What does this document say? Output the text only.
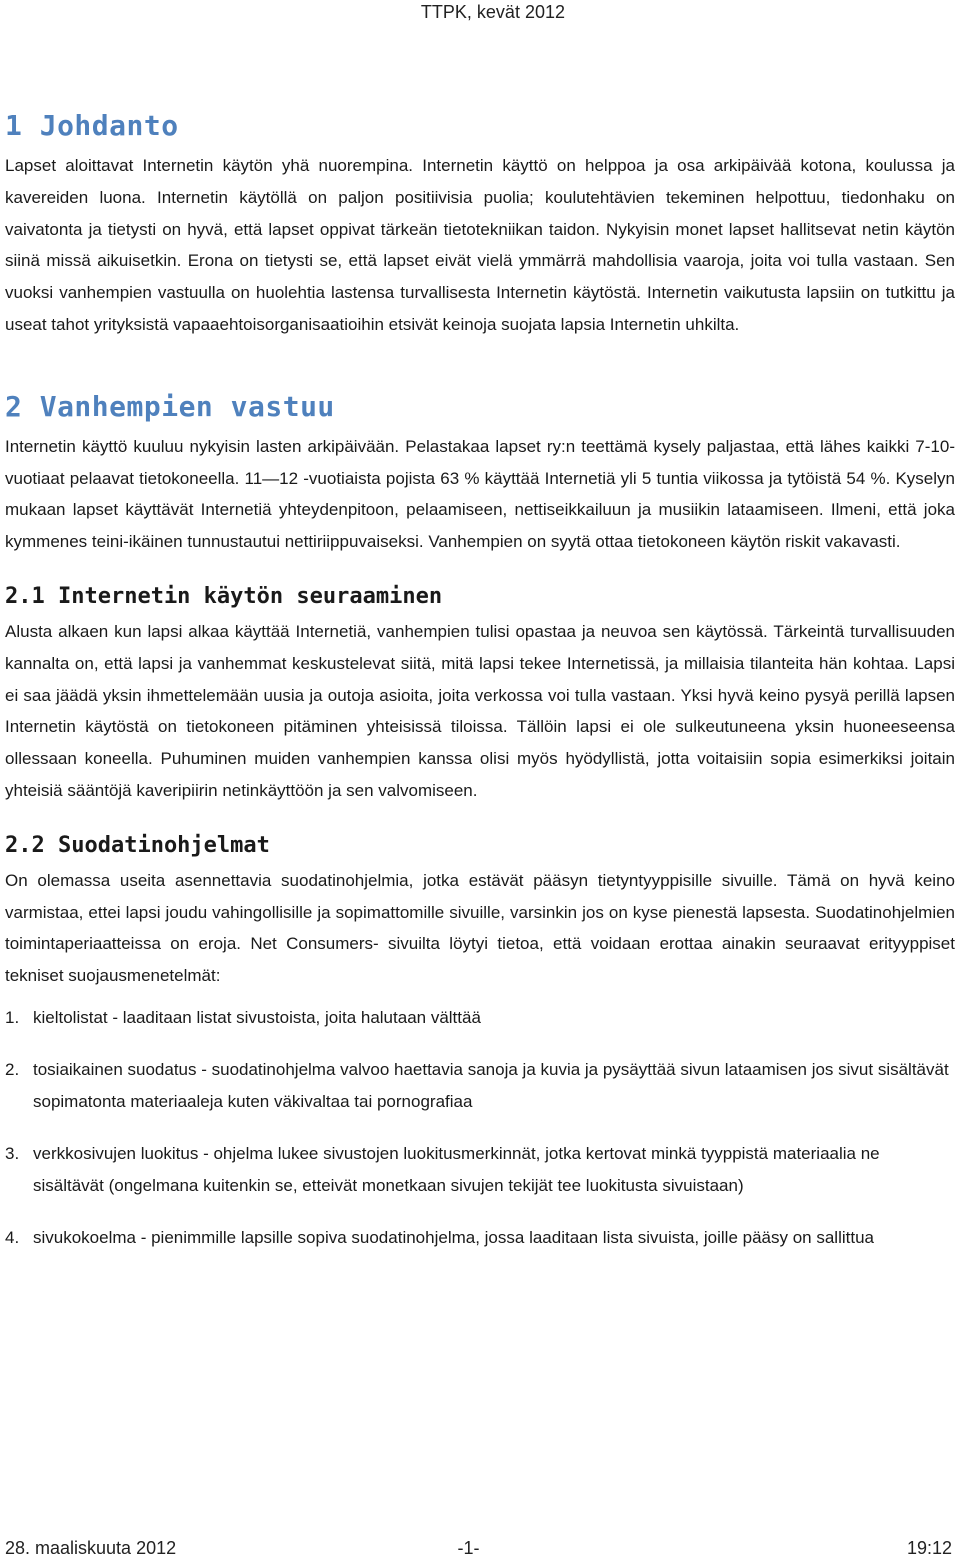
TTPK, kevät 2012
1 Johdanto

Lapset aloittavat Internetin käytön yhä nuorempina. Internetin käyttö on helppoa ja osa arkipäivää kotona, koulussa ja kavereiden luona. Internetin käytöllä on paljon positiivisia puolia; koulutehtävien tekeminen helpottuu, tiedonhaku on vaivatonta ja tietysti on hyvä, että lapset oppivat tärkeän tietotekniikan taidon. Nykyisin monet lapset hallitsevat netin käytön siinä missä aikuisetkin. Erona on tietysti se, että lapset eivät vielä ymmärrä mahdollisia vaaroja, joita voi tulla vastaan. Sen vuoksi vanhempien vastuulla on huolehtia lastensa turvallisesta Internetin käytöstä. Internetin vaikutusta lapsiin on tutkittu ja useat tahot yrityksistä vapaaehtoisorganisaatioihin etsivät keinoja suojata lapsia Internetin uhkilta.

2 Vanhempien vastuu

Internetin käyttö kuuluu nykyisin lasten arkipäivään. Pelastakaa lapset ry:n teettämä kysely paljastaa, että lähes kaikki 7-10-vuotiaat pelaavat tietokoneella. 11—12 -vuotiaista pojista 63 % käyttää Internetiä yli 5 tuntia viikossa ja tytöistä 54 %. Kyselyn mukaan lapset käyttävät Internetiä yhteydenpitoon, pelaamiseen, nettiseikkailuun ja musiikin lataamiseen. Ilmeni, että joka kymmenes teini-ikäinen tunnustautui nettiriippuvaiseksi. Vanhempien on syytä ottaa tietokoneen käytön riskit vakavasti.

2.1 Internetin käytön seuraaminen

Alusta alkaen kun lapsi alkaa käyttää Internetiä, vanhempien tulisi opastaa ja neuvoa sen käytössä. Tärkeintä turvallisuuden kannalta on, että lapsi ja vanhemmat keskustelevat siitä, mitä lapsi tekee Internetissä, ja millaisia tilanteita hän kohtaa. Lapsi ei saa jäädä yksin ihmettelemään uusia ja outoja asioita, joita verkossa voi tulla vastaan. Yksi hyvä keino pysyä perillä lapsen Internetin käytöstä on tietokoneen pitäminen yhteisissä tiloissa. Tällöin lapsi ei ole sulkeutuneena yksin huoneeseensa ollessaan koneella. Puhuminen muiden vanhempien kanssa olisi myös hyödyllistä, jotta voitaisiin sopia esimerkiksi joitain yhteisiä sääntöjä kaveripiirin netinkäyttöön ja sen valvomiseen.

2.2 Suodatinohjelmat

On olemassa useita asennettavia suodatinohjelmia, jotka estävät pääsyn tietyntyyppisille sivuille. Tämä on hyvä keino varmistaa, ettei lapsi joudu vahingollisille ja sopimattomille sivuille, varsinkin jos on kyse pienestä lapsesta. Suodatinohjelmien toimintaperiaatteissa on eroja. Net Consumers- sivuilta löytyi tietoa, että voidaan erottaa ainakin seuraavat erityyppiset tekniset suojausmenetelmät:

1. kieltolistat - laaditaan listat sivustoista, joita halutaan välttää
2. tosiaikainen suodatus - suodatinohjelma valvoo haettavia sanoja ja kuvia ja pysäyttää sivun lataamisen jos sivut sisältävät sopimatonta materiaaleja kuten väkivaltaa tai pornografiaa
3. verkkosivujen luokitus - ohjelma lukee sivustojen luokitusmerkinnät, jotka kertovat minkä tyyppistä materiaalia ne sisältävät (ongelmana kuitenkin se, etteivät monetkaan sivujen tekijät tee luokitusta sivuistaan)
4. sivukokoelma - pienimmille lapsille sopiva suodatinohjelma, jossa laaditaan lista sivuista, joille pääsy on sallittua
28. maaliskuuta 2012	-1-	19:12
